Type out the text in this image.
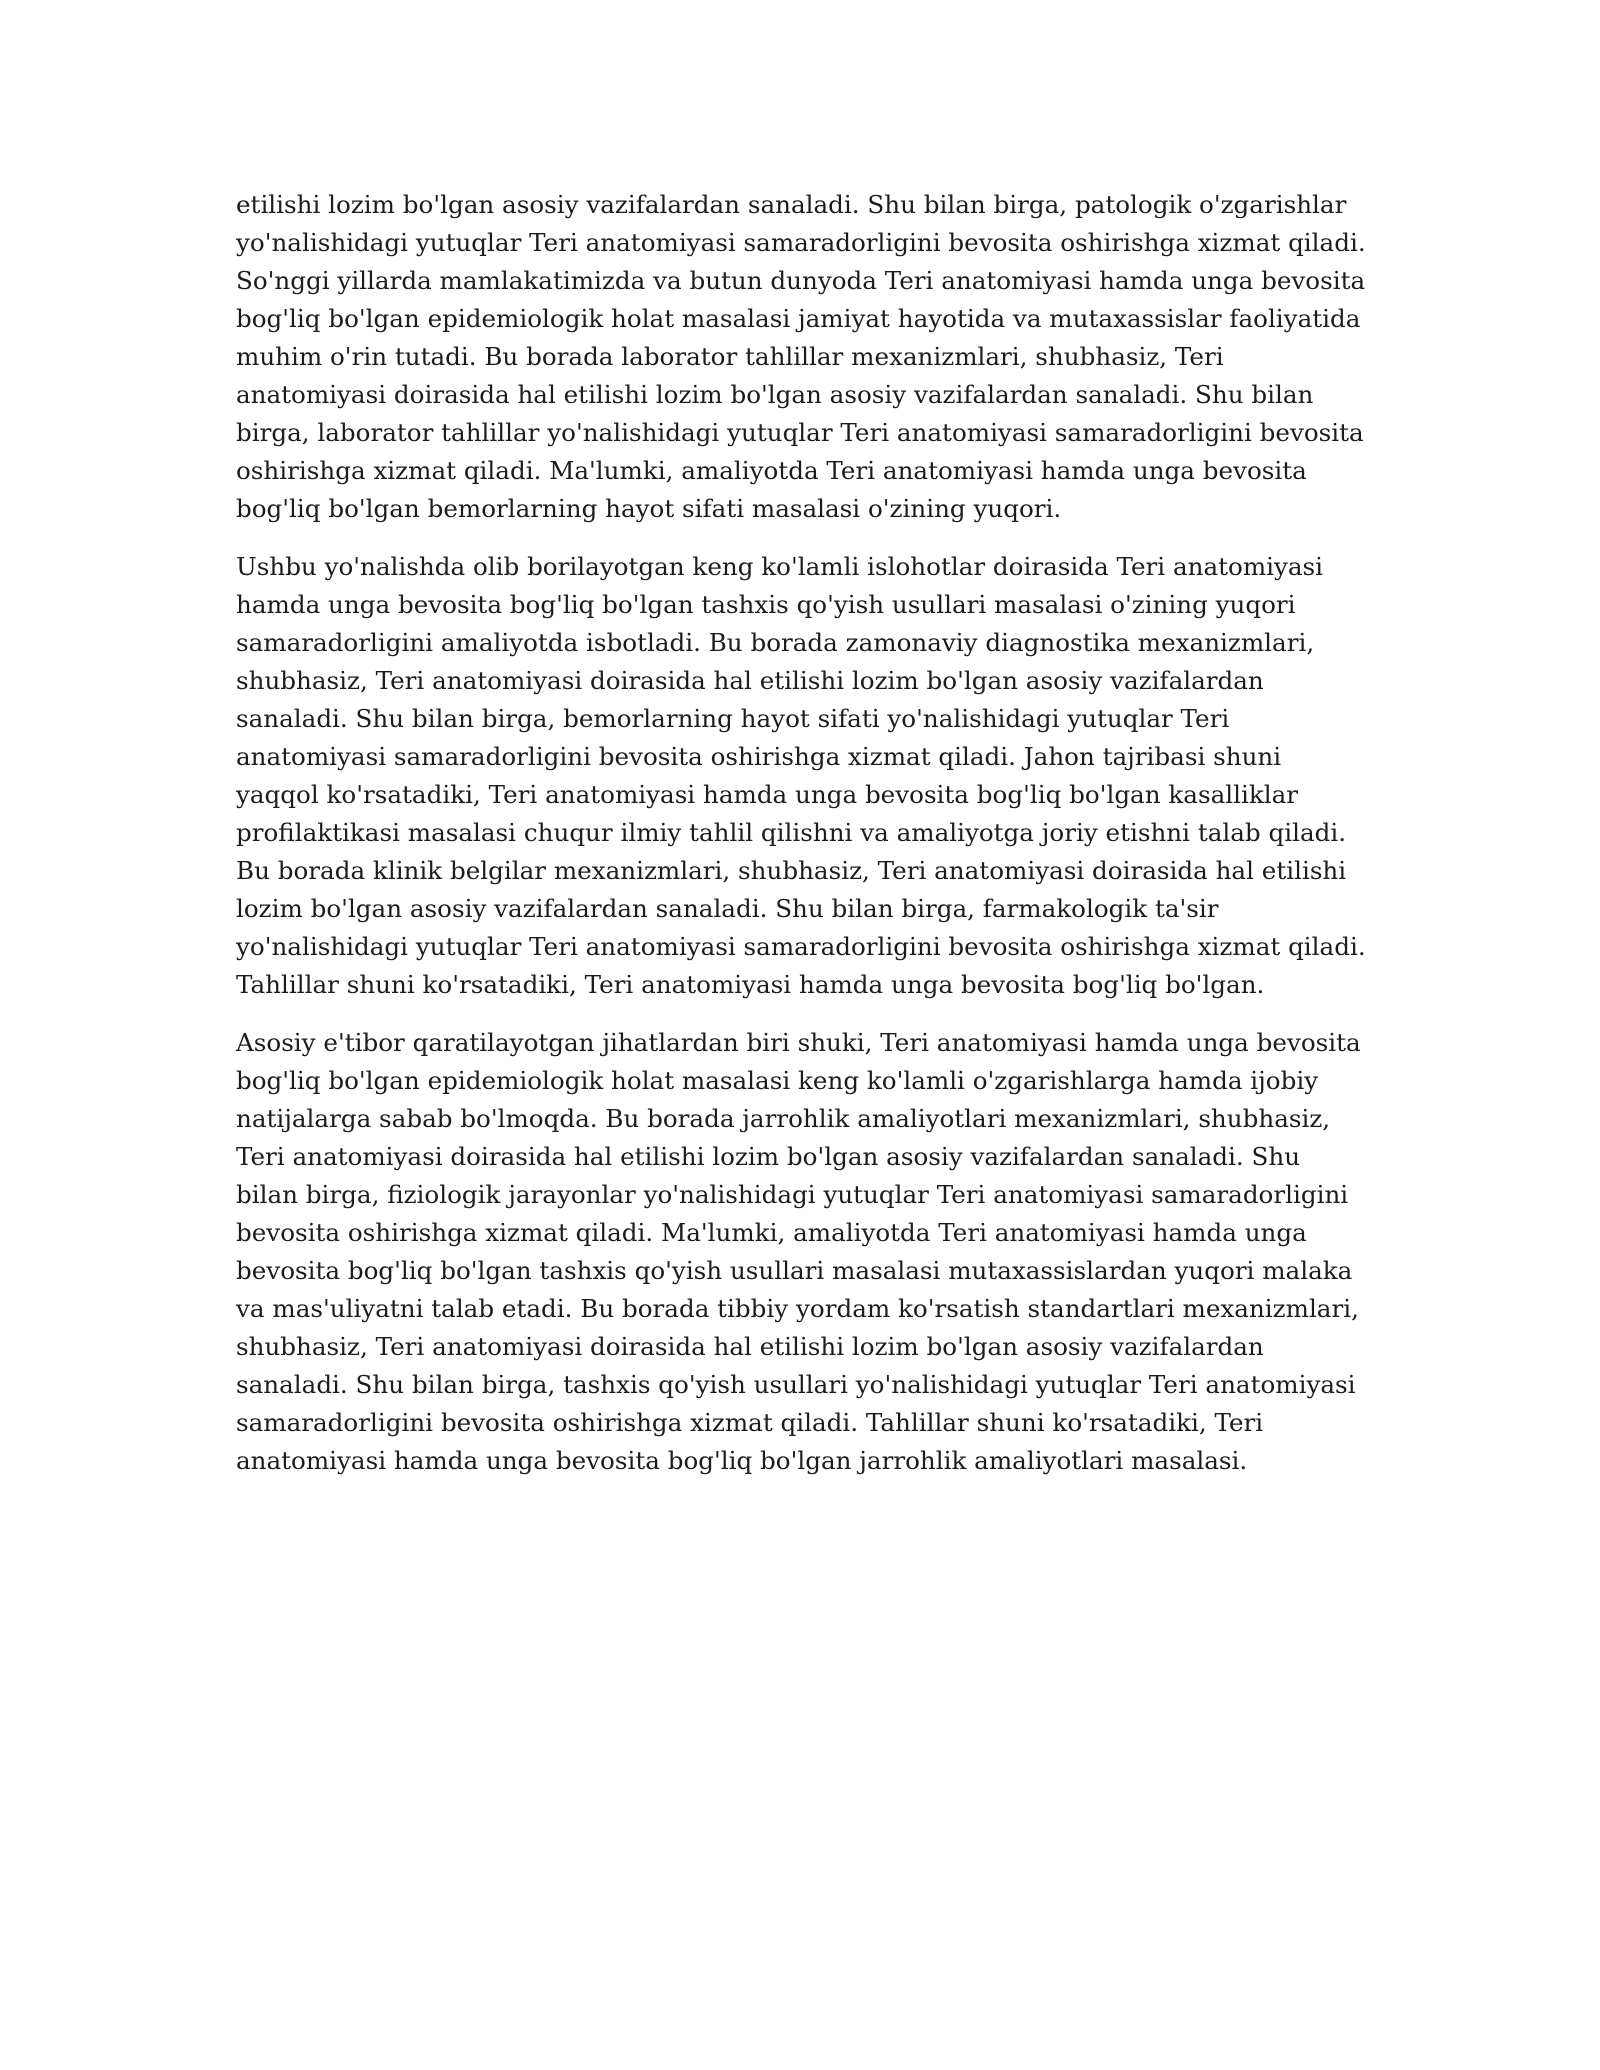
etilishi lozim bo'lgan asosiy vazifalardan sanaladi. Shu bilan birga, patologik o'zgarishlar yo'nalishidagi yutuqlar Teri anatomiyasi samaradorligini bevosita oshirishga xizmat qiladi. So'nggi yillarda mamlakatimizda va butun dunyoda Teri anatomiyasi hamda unga bevosita bog'liq bo'lgan epidemiologik holat masalasi jamiyat hayotida va mutaxassislar faoliyatida muhim o'rin tutadi. Bu borada laborator tahlillar mexanizmlari, shubhasiz, Teri anatomiyasi doirasida hal etilishi lozim bo'lgan asosiy vazifalardan sanaladi. Shu bilan birga, laborator tahlillar yo'nalishidagi yutuqlar Teri anatomiyasi samaradorligini bevosita oshirishga xizmat qiladi. Ma'lumki, amaliyotda Teri anatomiyasi hamda unga bevosita bog'liq bo'lgan bemorlarning hayot sifati masalasi o'zining yuqori.

Ushbu yo'nalishda olib borilayotgan keng ko'lamli islohotlar doirasida Teri anatomiyasi hamda unga bevosita bog'liq bo'lgan tashxis qo'yish usullari masalasi o'zining yuqori samaradorligini amaliyotda isbotladi. Bu borada zamonaviy diagnostika mexanizmlari, shubhasiz, Teri anatomiyasi doirasida hal etilishi lozim bo'lgan asosiy vazifalardan sanaladi. Shu bilan birga, bemorlarning hayot sifati yo'nalishidagi yutuqlar Teri anatomiyasi samaradorligini bevosita oshirishga xizmat qiladi. Jahon tajribasi shuni yaqqol ko'rsatadiki, Teri anatomiyasi hamda unga bevosita bog'liq bo'lgan kasalliklar profilaktikasi masalasi chuqur ilmiy tahlil qilishni va amaliyotga joriy etishni talab qiladi. Bu borada klinik belgilar mexanizmlari, shubhasiz, Teri anatomiyasi doirasida hal etilishi lozim bo'lgan asosiy vazifalardan sanaladi. Shu bilan birga, farmakologik ta'sir yo'nalishidagi yutuqlar Teri anatomiyasi samaradorligini bevosita oshirishga xizmat qiladi. Tahlillar shuni ko'rsatadiki, Teri anatomiyasi hamda unga bevosita bog'liq bo'lgan.

Asosiy e'tibor qaratilayotgan jihatlardan biri shuki, Teri anatomiyasi hamda unga bevosita bog'liq bo'lgan epidemiologik holat masalasi keng ko'lamli o'zgarishlarga hamda ijobiy natijalarga sabab bo'lmoqda. Bu borada jarrohlik amaliyotlari mexanizmlari, shubhasiz, Teri anatomiyasi doirasida hal etilishi lozim bo'lgan asosiy vazifalardan sanaladi. Shu bilan birga, fiziologik jarayonlar yo'nalishidagi yutuqlar Teri anatomiyasi samaradorligini bevosita oshirishga xizmat qiladi. Ma'lumki, amaliyotda Teri anatomiyasi hamda unga bevosita bog'liq bo'lgan tashxis qo'yish usullari masalasi mutaxassislardan yuqori malaka va mas'uliyatni talab etadi. Bu borada tibbiy yordam ko'rsatish standartlari mexanizmlari, shubhasiz, Teri anatomiyasi doirasida hal etilishi lozim bo'lgan asosiy vazifalardan sanaladi. Shu bilan birga, tashxis qo'yish usullari yo'nalishidagi yutuqlar Teri anatomiyasi samaradorligini bevosita oshirishga xizmat qiladi. Tahlillar shuni ko'rsatadiki, Teri anatomiyasi hamda unga bevosita bog'liq bo'lgan jarrohlik amaliyotlari masalasi.
